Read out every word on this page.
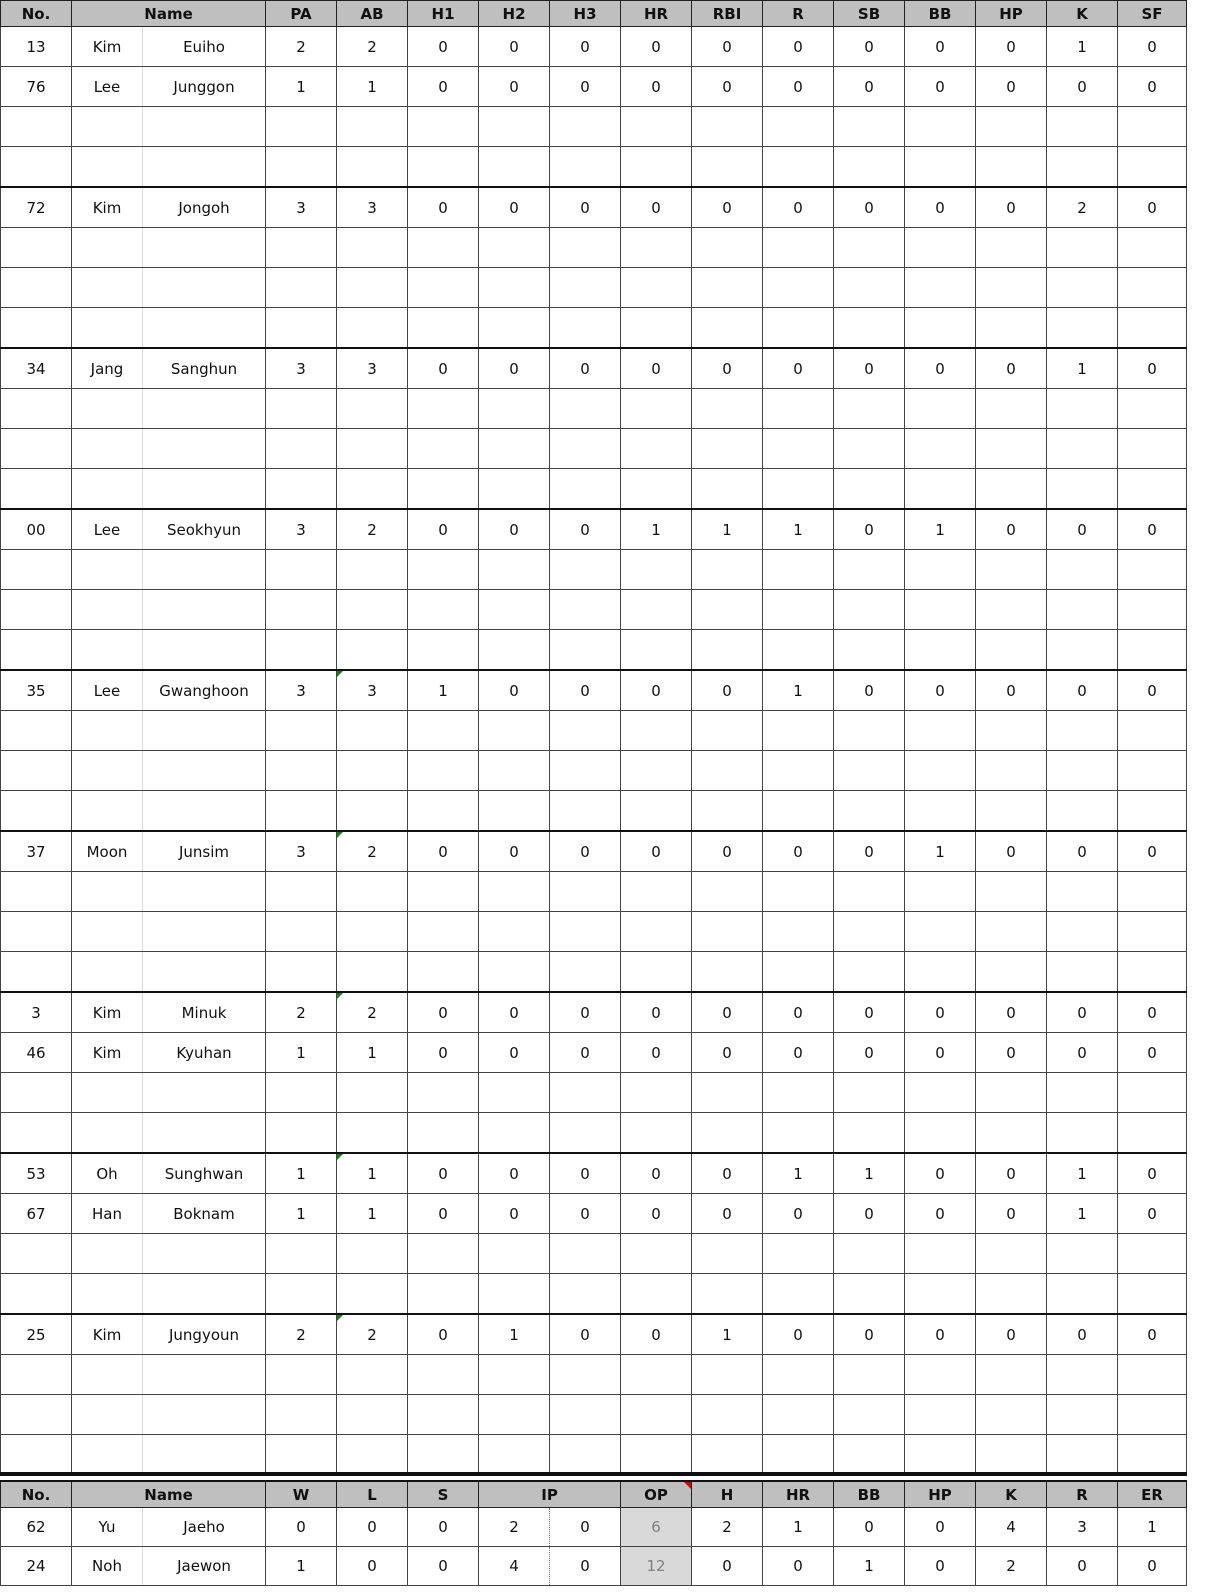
No.	Name		PA	AB	H1	H2	H3	HR	RBI	R	SB	BB	HP	K	SF
13	Kim	Euiho	2	2	0	0	0	0	0	0	0	0	0	1	0
76	Lee	Junggon	1	1	0	0	0	0	0	0	0	0	0	0	0

72	Kim	Jongoh	3	3	0	0	0	0	0	0	0	0	0	2	0

34	Jang	Sanghun	3	3	0	0	0	0	0	0	0	0	0	1	0

00	Lee	Seokhyun	3	2	0	0	0	1	1	1	0	1	0	0	0

35	Lee	Gwanghoon	3	3	1	0	0	0	0	1	0	0	0	0	0

37	Moon	Junsim	3	2	0	0	0	0	0	0	0	1	0	0	0

3	Kim	Minuk	2	2	0	0	0	0	0	0	0	0	0	0	0
46	Kim	Kyuhan	1	1	0	0	0	0	0	0	0	0	0	0	0

53	Oh	Sunghwan	1	1	0	0	0	0	0	1	1	0	0	1	0
67	Han	Boknam	1	1	0	0	0	0	0	0	0	0	0	1	0

25	Kim	Jungyoun	2	2	0	1	0	0	1	0	0	0	0	0	0

No.	Name		W	L	S	IP		OP	H	HR	BB	HP	K	R	ER
62	Yu	Jaeho	0	0	0	2	0	6	2	1	0	0	4	3	1
24	Noh	Jaewon	1	0	0	4	0	12	0	0	1	0	2	0	0
